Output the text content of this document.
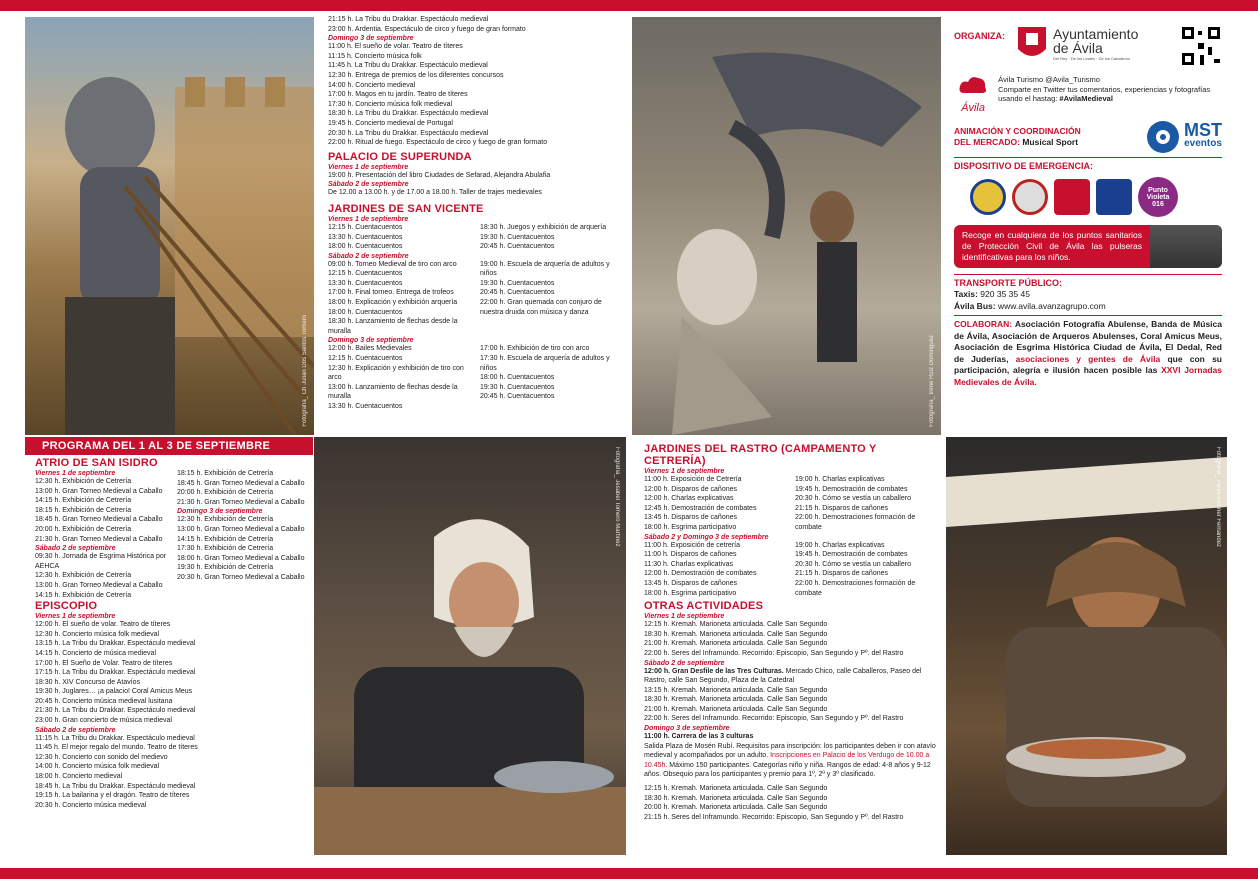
Fotografía_ Ch Julián Dos Santos Tomero
21:15 h. La Tribu du Drakkar. Espectáculo medieval
23:00 h. Ardentia. Espectáculo de circo y fuego de gran formato
Domingo 3 de septiembre
11:00 h. El sueño de volar. Teatro de títeres
11:15 h. Concierto música folk
11:45 h. La Tribu du Drakkar. Espectáculo medieval
12:30 h. Entrega de premios de los diferentes concursos
14:00 h. Concierto medieval
17:00 h. Magos en tu jardín. Teatro de títeres
17:30 h. Concierto música folk medieval
18:30 h. La Tribu du Drakkar. Espectáculo medieval
19:45 h. Concierto medieval de Portugal
20:30 h. La Tribu du Drakkar. Espectáculo medieval
22:00 h. Ritual de fuego. Espectáculo de circo y fuego de gran formato
PALACIO DE SUPERUNDA
Viernes 1 de septiembre
19:00 h. Presentación del libro Ciudades de Sefarad, Alejandra Abulafia
Sábado 2 de septiembre
De 12.00 a 13.00 h. y de 17.00 a 18.00 h. Taller de trajes medievales
JARDINES DE SAN VICENTE
Viernes 1 de septiembre
12:15 h. Cuentacuentos
13:30 h. Cuentacuentos
18:00 h. Cuentacuentos
18:30 h. Juegos y exhibición de arquería
19:30 h. Cuentacuentos
20:45 h. Cuentacuentos
Sábado 2 de septiembre
09:00 h. Torneo Medieval de tiro con arco
12:15 h. Cuentacuentos
13:30 h. Cuentacuentos
17:00 h. Final torneo. Entrega de trofeos
18:00 h. Explicación y exhibición arquería
18:00 h. Cuentacuentos
18:30 h. Lanzamiento de flechas desde la muralla
19:00 h. Escuela de arquería de adultos y niños
19:30 h. Cuentacuentos
20:45 h. Cuentacuentos
22:00 h. Gran quemada con conjuro de nuestra druida con música y danza
Domingo 3 de septiembre
12:00 h. Bailes Medievales
12:15 h. Cuentacuentos
12:30 h. Explicación y exhibición de tiro con arco
13:00 h. Lanzamiento de flechas desde la muralla
13:30 h. Cuentacuentos
17:00 h. Exhibición de tiro con arco
17:30 h. Escuela de arquería de adultos y niños
18:00 h. Cuentacuentos
19:30 h. Cuentacuentos
20:45 h. Cuentacuentos	Fotografía_ Irene Ruiz Dominguez
ORGANIZA:	Ayuntamiento
de Ávila
Del Rey · De los Leales · De los Caballeros
Ávila
Ávila Turismo @Avila_Turismo
Comparte en Twitter tus comentarios, experiencias y fotografías usando el hastag: #AvilaMedieval
ANIMACIÓN Y COORDINACIÓN
DEL MERCADO: Musical Sport
MST
eventos
DISPOSITIVO DE EMERGENCIA:
Punto Violeta 016
Recoge en cualquiera de los puntos sanitarios de Protección Civil de Ávila las pulseras identificativas para los niños.
TRANSPORTE PÚBLICO:
Taxis: 920 35 35 45
Ávila Bus: www.avila.avanzagrupo.com
COLABORAN: Asociación Fotografía Abulense, Banda de Música de Ávila, Asociación de Arqueros Abulenses, Coral Amicus Meus, Asociación de Esgrima Histórica Ciudad de Ávila, El Dedal, Red de Juderías, asociaciones y gentes de Ávila que con su participación, alegría e ilusión hacen posible las XXVI Jornadas Medievales de Ávila.
PROGRAMA DEL 1 AL 3 DE SEPTIEMBRE
ATRIO DE SAN ISIDRO
Viernes 1 de septiembre
12:30 h. Exhibición de Cetrería
13:00 h. Gran Torneo Medieval a Caballo
14:15 h. Exhibición de Cetrería
18:15 h. Exhibición de Cetrería
18:45 h. Gran Torneo Medieval a Caballo
20:00 h. Exhibición de Cetrería
21:30 h. Gran Torneo Medieval a Caballo
Sábado 2 de septiembre
09:30 h. Jornada de Esgrima Histórica por AEHCA
12:30 h. Exhibición de Cetrería
13:00 h. Gran Torneo Medieval a Caballo
14:15 h. Exhibición de Cetrería
18:15 h. Exhibición de Cetrería
18:45 h. Gran Torneo Medieval a Caballo
20:00 h. Exhibición de Cetrería
21:30 h. Gran Torneo Medieval a Caballo
Domingo 3 de septiembre
12:30 h. Exhibición de Cetrería
13:00 h. Gran Torneo Medieval a Caballo
14:15 h. Exhibición de Cetrería
17:30 h. Exhibición de Cetrería
18:00 h. Gran Torneo Medieval a Caballo
19:30 h. Exhibición de Cetrería
20:30 h. Gran Torneo Medieval a Caballo
EPISCOPIO
Viernes 1 de septiembre
12:00 h. El sueño de volar. Teatro de títeres
12:30 h. Concierto música folk medieval
13:15 h. La Tribu du Drakkar. Espectáculo medieval
14:15 h. Concierto de música medieval
17:00 h. El Sueño de Volar. Teatro de títeres
17:15 h. La Tribu du Drakkar. Espectáculo medieval
18:30 h. XIV Concurso de Atavíos
19:30 h. Juglares… ¡a palacio! Coral Amicus Meus
20:45 h. Concierto música medieval lusitana
21:30 h. La Tribu du Drakkar. Espectáculo medieval
23:00 h. Gran concierto de música medieval
Sábado 2 de septiembre
11:15 h. La Tribu du Drakkar. Espectáculo medieval
11:45 h. El mejor regalo del mundo. Teatro de títeres
12:30 h. Concierto con sonido del medievo
14:00 h. Concierto música folk medieval
18:00 h. Concierto medieval
18:45 h. La Tribu du Drakkar. Espectáculo medieval
19:15 h. La bailarina y el dragón. Teatro de títeres
20:30 h. Concierto música medieval
Fotografía_ Jesabel Tomero Martínez JARDINES DEL RASTRO (CAMPAMENTO Y CETRERÍA)
Viernes 1 de septiembre
11:00 h. Exposición de Cetrería
12:00 h. Disparos de cañones
12:00 h. Charlas explicativas
12:45 h. Demostración de combates
13:45 h. Disparos de cañones
18:00 h. Esgrima participativo
19:00 h. Charlas explicativas
19:45 h. Demostración de combates
20:30 h. Cómo se vestía un caballero
21:15 h. Disparos de cañones
22:00 h. Demostraciones formación de combate
Sábado 2 y Domingo 3 de septiembre
11:00 h. Exposición de cetrería
11:00 h. Disparos de cañones
11:30 h. Charlas explicativas
12:00 h. Demostración de combates
13:45 h. Disparos de cañones
18:00 h. Esgrima participativo
19:00 h. Charlas explicativas
19:45 h. Demostración de combates
20:30 h. Cómo se vestía un caballero
21:15 h. Disparos de cañones
22:00 h. Demostraciones formación de combate
OTRAS ACTIVIDADES
Viernes 1 de septiembre
12:15 h. Kremah. Marioneta articulada. Calle San Segundo
18:30 h. Kremah. Marioneta articulada. Calle San Segundo
21:00 h. Kremah. Marioneta articulada. Calle San Segundo
22:00 h. Seres del Inframundo. Recorrido: Episcopio, San Segundo y Pº. del Rastro
Sábado 2 de septiembre
12:00 h. Gran Desfile de las Tres Culturas. Mercado Chico, calle Caballeros, Paseo del Rastro, calle San Segundo, Plaza de la Catedral
13:15 h. Kremah. Marioneta articulada. Calle San Segundo
18:30 h. Kremah. Marioneta articulada. Calle San Segundo
21:00 h. Kremah. Marioneta articulada. Calle San Segundo
22:00 h. Seres del Inframundo. Recorrido: Episcopio, San Segundo y Pº. del Rastro
Domingo 3 de septiembre
11:00 h. Carrera de las 3 culturas
Salida Plaza de Mosén Rubí. Requisitos para inscripción: los participantes deben ir con atavío medieval y acompañados por un adulto. Inscripciones en Palacio de los Verdugo de 10.00 a 10.45h. Máximo 150 participantes. Categorías niño y niña. Rangos de edad: 4-8 años y 9-12 años. Obsequio para los participantes y premio para 1º, 2º y 3º clasificado.
12:15 h. Kremah. Marioneta articulada. Calle San Segundo
18:30 h. Kremah. Marioneta articulada. Calle San Segundo
20:00 h. Kremah. Marioneta articulada. Calle San Segundo
21:15 h. Seres del Inframundo. Recorrido: Episcopio, San Segundo y Pº. del Rastro
Fotografía_ Paula Enciner Fernández
